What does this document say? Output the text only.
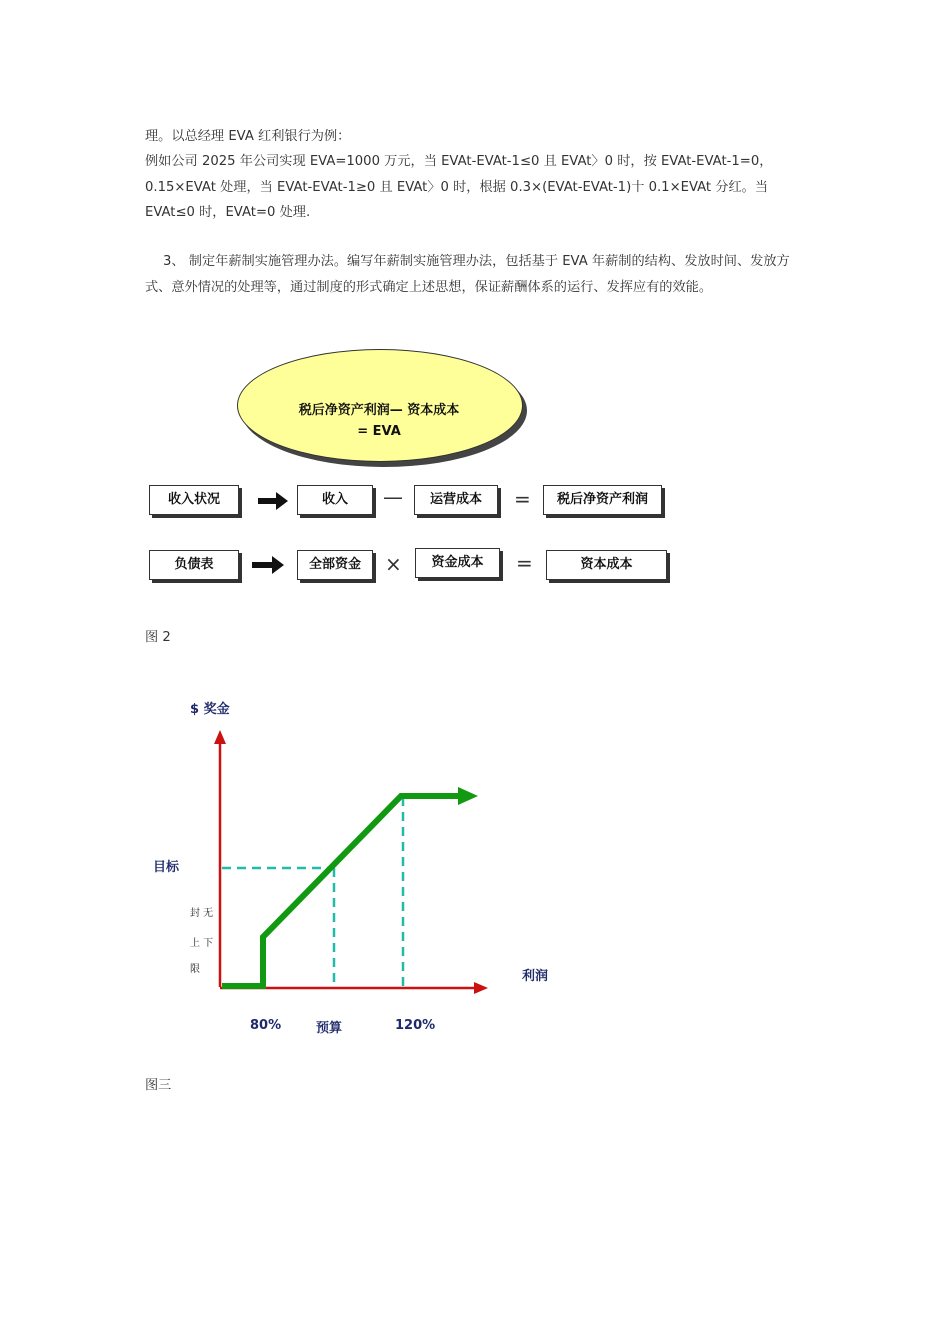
理。以总经理 EVA 红利银行为例：

例如公司 2025 年公司实现 EVA=1000 万元，当 EVAt-EVAt-1≤0 且 EVAt〉0 时，按 EVAt-EVAt-1=0，0.15×EVAt 处理，当 EVAt-EVAt-1≥0 且 EVAt〉0 时，根据 0.3×(EVAt-EVAt-1)十 0.1×EVAt 分红。当 EVAt≤0 时，EVAt=0 处理.

3、 制定年薪制实施管理办法。编写年薪制实施管理办法，包括基于 EVA 年薪制的结构、发放时间、发放方式、意外情况的处理等，通过制度的形式确定上述思想，保证薪酬体系的运行、发挥应有的效能。

税后净资产利润— 资本成本
= EVA
收入状况	收入	—	运营成本	=	税后净资产利润
负债表	全部资金	×	资金成本	=	资本成本

图 2

$ 奖金
目标
封 无
上 下
限	利润
80%	预算	120%

图三
